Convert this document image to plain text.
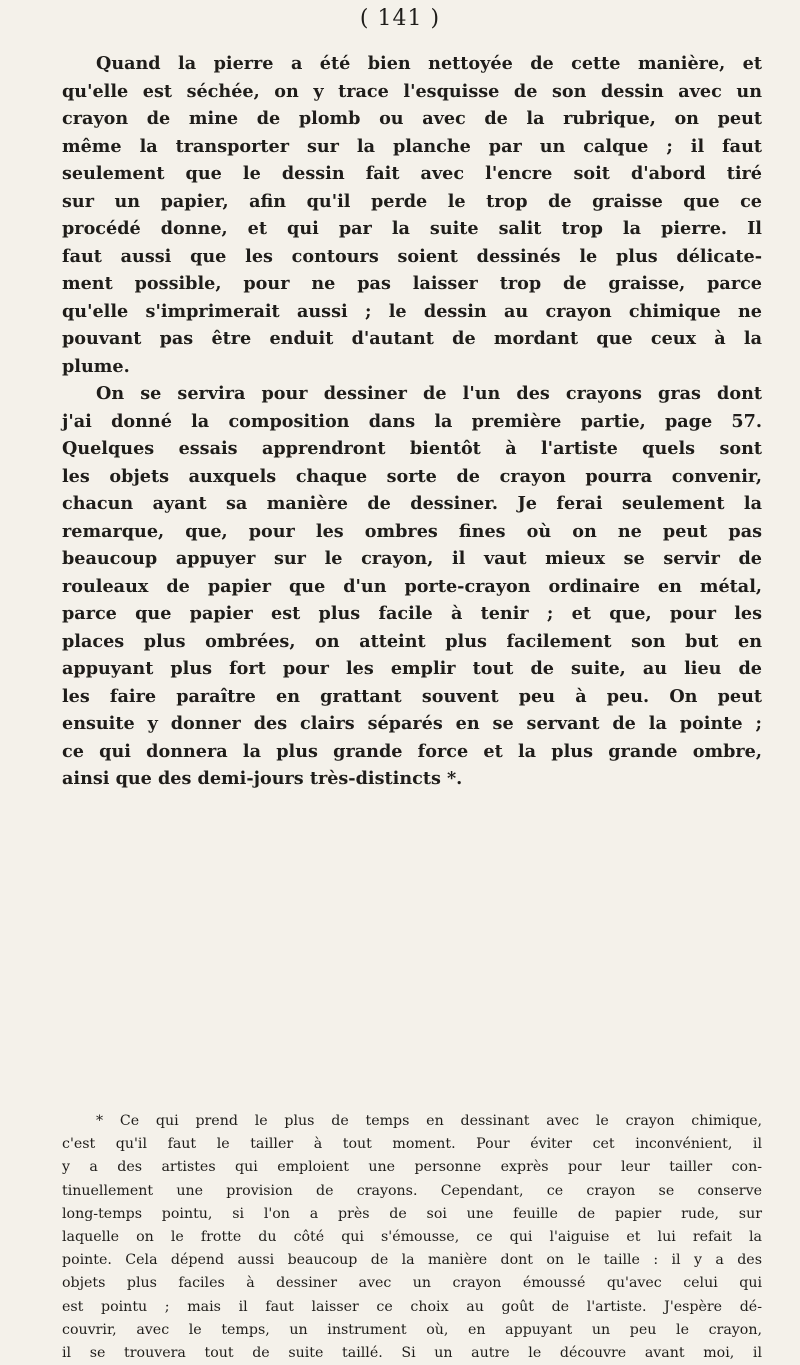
( 141 )
Quand la pierre a été bien nettoyée de cette manière, et
qu'elle est séchée, on y trace l'esquisse de son dessin avec un
crayon de mine de plomb ou avec de la rubrique, on peut
même la transporter sur la planche par un calque ; il faut
seulement que le dessin fait avec l'encre soit d'abord tiré
sur un papier, afin qu'il perde le trop de graisse que ce
procédé donne, et qui par la suite salit trop la pierre. Il
faut aussi que les contours soient dessinés le plus délicate-
ment possible, pour ne pas laisser trop de graisse, parce
qu'elle s'imprimerait aussi ; le dessin au crayon chimique ne
pouvant pas être enduit d'autant de mordant que ceux à la
plume.
On se servira pour dessiner de l'un des crayons gras dont
j'ai donné la composition dans la première partie, page 57.
Quelques essais apprendront bientôt à l'artiste quels sont
les objets auxquels chaque sorte de crayon pourra convenir,
chacun ayant sa manière de dessiner. Je ferai seulement la
remarque, que, pour les ombres fines où on ne peut pas
beaucoup appuyer sur le crayon, il vaut mieux se servir de
rouleaux de papier que d'un porte-crayon ordinaire en métal,
parce que papier est plus facile à tenir ; et que, pour les
places plus ombrées, on atteint plus facilement son but en
appuyant plus fort pour les emplir tout de suite, au lieu de
les faire paraître en grattant souvent peu à peu. On peut
ensuite y donner des clairs séparés en se servant de la pointe ;
ce qui donnera la plus grande force et la plus grande ombre,
ainsi que des demi-jours très-distincts *.
* Ce qui prend le plus de temps en dessinant avec le crayon chimique,
c'est qu'il faut le tailler à tout moment. Pour éviter cet inconvénient, il
y a des artistes qui emploient une personne exprès pour leur tailler con-
tinuellement une provision de crayons. Cependant, ce crayon se conserve
long-temps pointu, si l'on a près de soi une feuille de papier rude, sur
laquelle on le frotte du côté qui s'émousse, ce qui l'aiguise et lui refait la
pointe. Cela dépend aussi beaucoup de la manière dont on le taille : il y a des
objets plus faciles à dessiner avec un crayon émoussé qu'avec celui qui
est pointu ; mais il faut laisser ce choix au goût de l'artiste. J'espère dé-
couvrir, avec le temps, un instrument où, en appuyant un peu le crayon,
il se trouvera tout de suite taillé. Si un autre le découvre avant moi, il
